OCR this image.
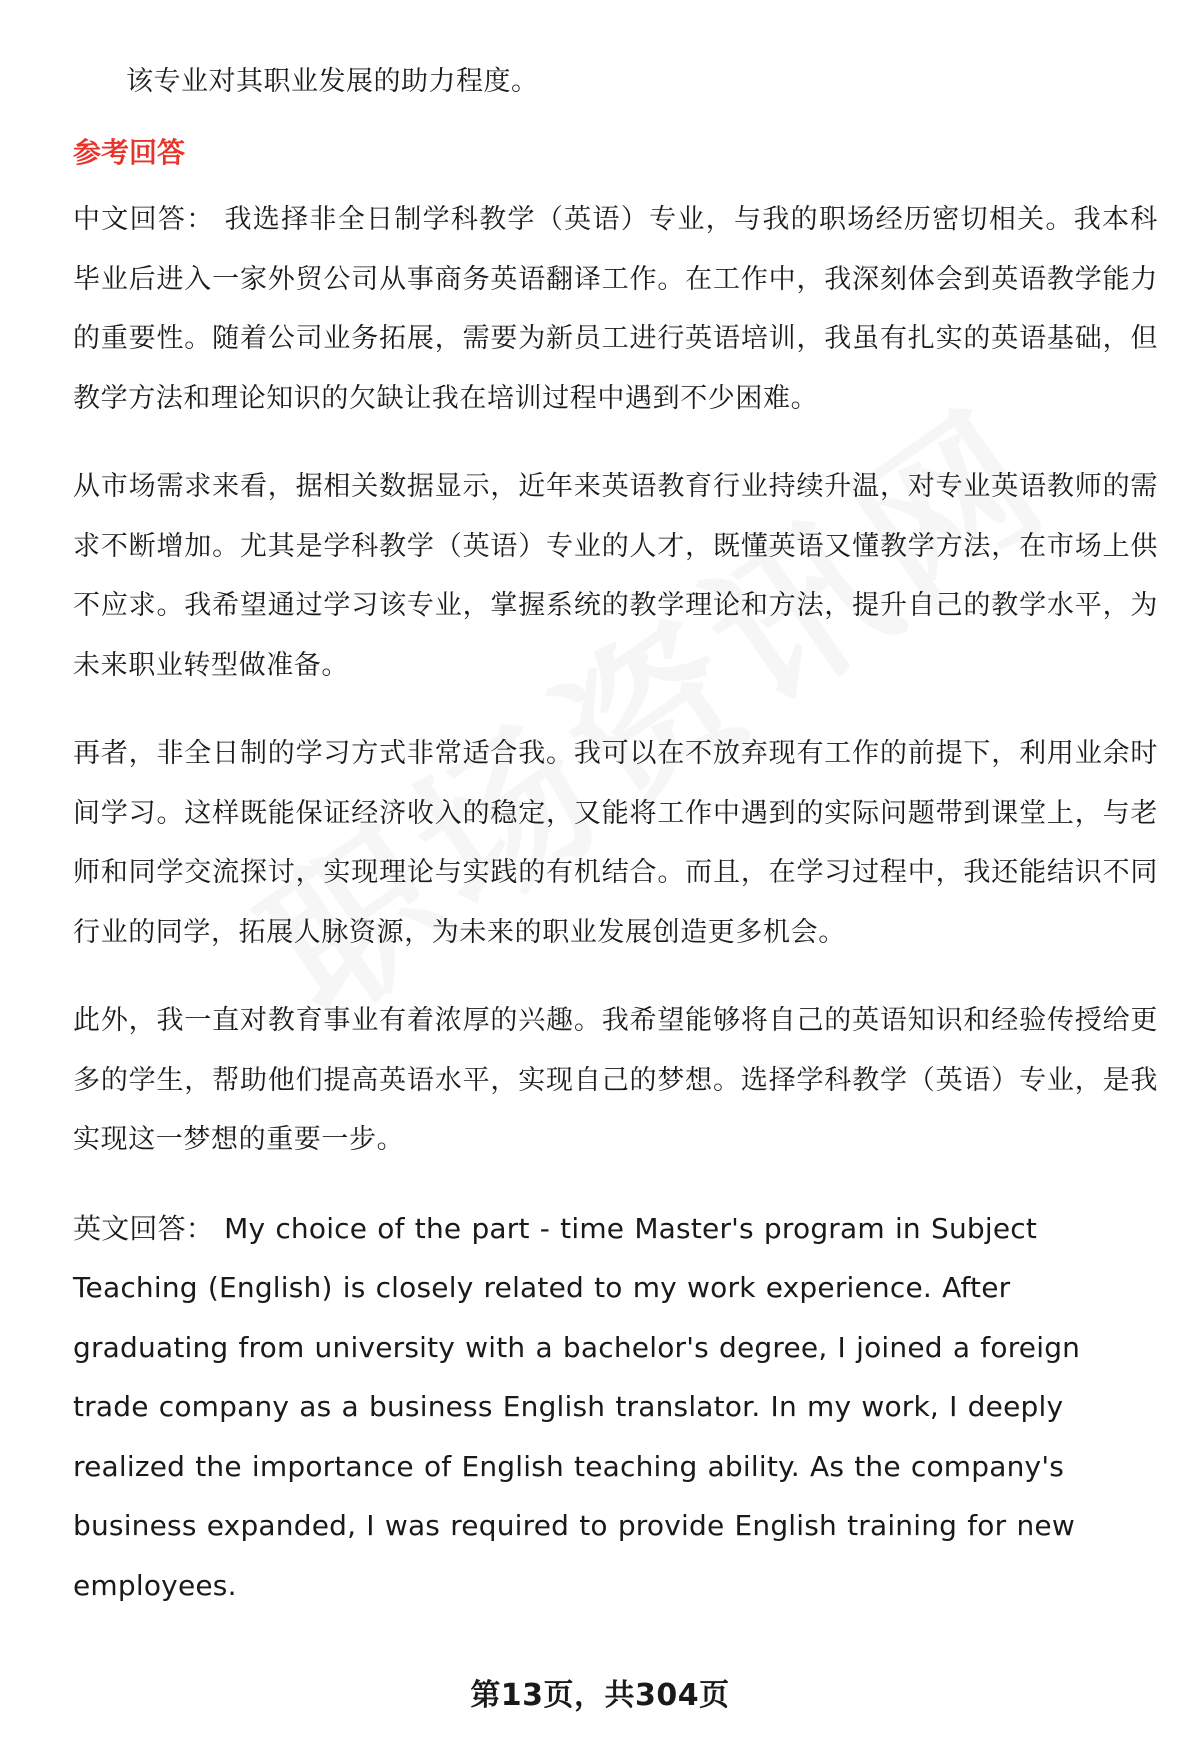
该专业对其职业发展的助力程度。

参考回答

中文回答： 我选择非全日制学科教学（英语）专业，与我的职场经历密切相关。我本科毕业后进入一家外贸公司从事商务英语翻译工作。在工作中，我深刻体会到英语教学能力的重要性。随着公司业务拓展，需要为新员工进行英语培训，我虽有扎实的英语基础，但教学方法和理论知识的欠缺让我在培训过程中遇到不少困难。

从市场需求来看，据相关数据显示，近年来英语教育行业持续升温，对专业英语教师的需求不断增加。尤其是学科教学（英语）专业的人才，既懂英语又懂教学方法，在市场上供不应求。我希望通过学习该专业，掌握系统的教学理论和方法，提升自己的教学水平，为未来职业转型做准备。

再者，非全日制的学习方式非常适合我。我可以在不放弃现有工作的前提下，利用业余时间学习。这样既能保证经济收入的稳定，又能将工作中遇到的实际问题带到课堂上，与老师和同学交流探讨，实现理论与实践的有机结合。而且，在学习过程中，我还能结识不同行业的同学，拓展人脉资源，为未来的职业发展创造更多机会。

此外，我一直对教育事业有着浓厚的兴趣。我希望能够将自己的英语知识和经验传授给更多的学生，帮助他们提高英语水平，实现自己的梦想。选择学科教学（英语）专业，是我实现这一梦想的重要一步。

英文回答： My choice of the part - time Master's program in Subject Teaching (English) is closely related to my work experience. After graduating from university with a bachelor's degree, I joined a foreign trade company as a business English translator. In my work, I deeply realized the importance of English teaching ability. As the company's business expanded, I was required to provide English training for new employees.

第13页，共304页
